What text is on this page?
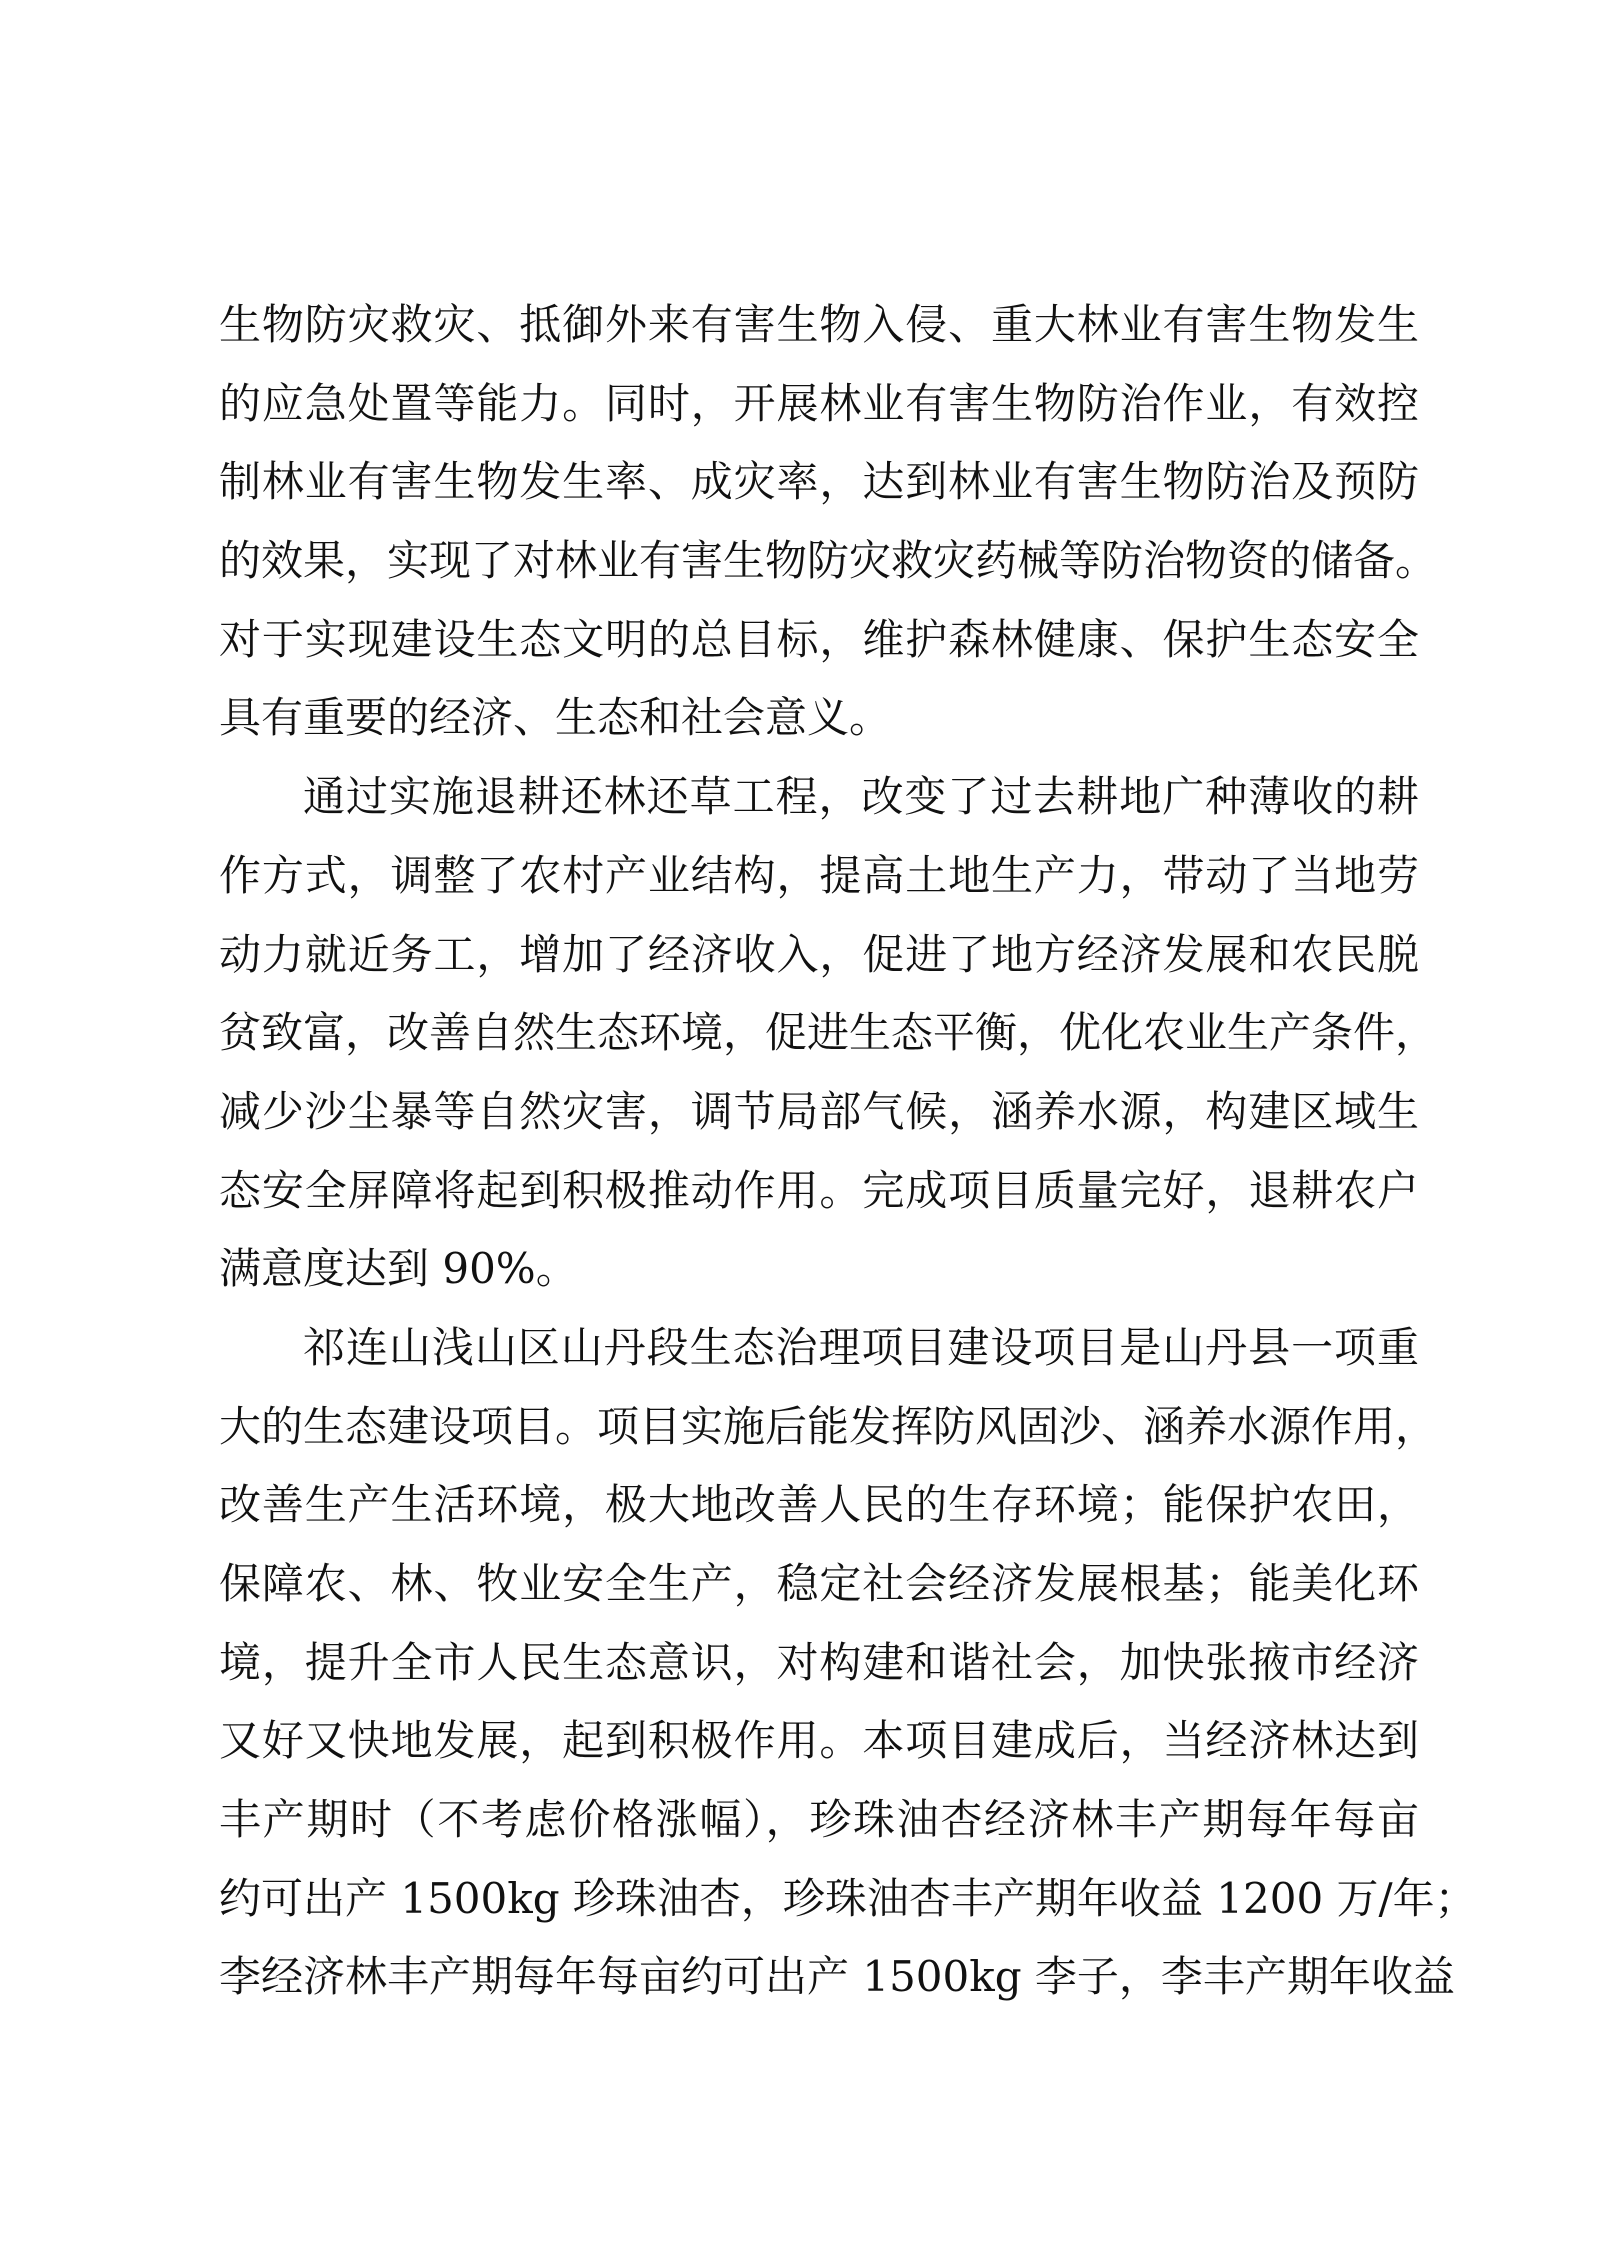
生物防灾救灾、抵御外来有害生物入侵、重大林业有害生物发生
的应急处置等能力。同时，开展林业有害生物防治作业，有效控
制林业有害生物发生率、成灾率，达到林业有害生物防治及预防
的效果，实现了对林业有害生物防灾救灾药械等防治物资的储备。
对于实现建设生态文明的总目标，维护森林健康、保护生态安全
具有重要的经济、生态和社会意义。
通过实施退耕还林还草工程，改变了过去耕地广种薄收的耕
作方式，调整了农村产业结构，提高土地生产力，带动了当地劳
动力就近务工，增加了经济收入，促进了地方经济发展和农民脱
贫致富，改善自然生态环境，促进生态平衡，优化农业生产条件，
减少沙尘暴等自然灾害，调节局部气候，涵养水源，构建区域生
态安全屏障将起到积极推动作用。完成项目质量完好，退耕农户
满意度达到 90%。
祁连山浅山区山丹段生态治理项目建设项目是山丹县一项重
大的生态建设项目。项目实施后能发挥防风固沙、涵养水源作用，
改善生产生活环境，极大地改善人民的生存环境；能保护农田，
保障农、林、牧业安全生产，稳定社会经济发展根基；能美化环
境，提升全市人民生态意识，对构建和谐社会，加快张掖市经济
又好又快地发展，起到积极作用。本项目建成后，当经济林达到
丰产期时（不考虑价格涨幅），珍珠油杏经济林丰产期每年每亩
约可出产 1500kg 珍珠油杏，珍珠油杏丰产期年收益 1200 万/年；
李经济林丰产期每年每亩约可出产 1500kg 李子，李丰产期年收益
